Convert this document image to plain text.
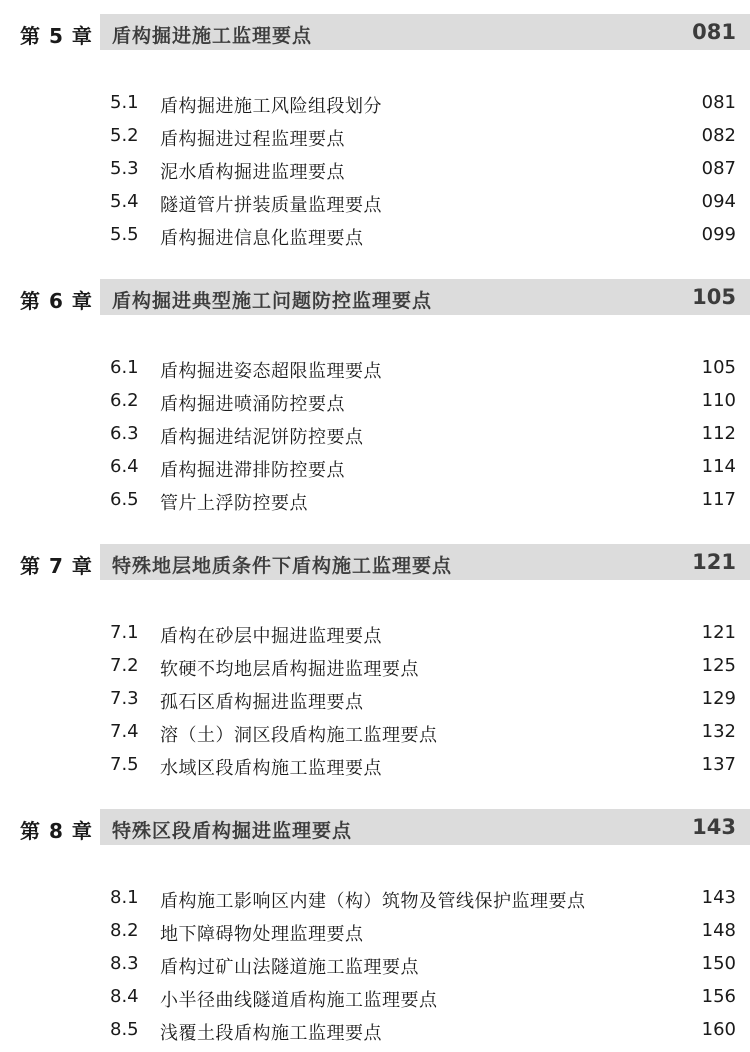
第 5 章 盾构掘进施工监理要点	081
5.1 盾构掘进施工风险组段划分	081
5.2 盾构掘进过程监理要点	082
5.3 泥水盾构掘进监理要点	087
5.4 隧道管片拼装质量监理要点	094
5.5 盾构掘进信息化监理要点	099
第 6 章 盾构掘进典型施工问题防控监理要点	105
6.1 盾构掘进姿态超限监理要点	105
6.2 盾构掘进喷涌防控要点	110
6.3 盾构掘进结泥饼防控要点	112
6.4 盾构掘进滞排防控要点	114
6.5 管片上浮防控要点	117
第 7 章 特殊地层地质条件下盾构施工监理要点	121
7.1 盾构在砂层中掘进监理要点	121
7.2 软硬不均地层盾构掘进监理要点	125
7.3 孤石区盾构掘进监理要点	129
7.4 溶（土）洞区段盾构施工监理要点	132
7.5 水域区段盾构施工监理要点	137
第 8 章 特殊区段盾构掘进监理要点	143
8.1 盾构施工影响区内建（构）筑物及管线保护监理要点	143
8.2 地下障碍物处理监理要点	148
8.3 盾构过矿山法隧道施工监理要点	150
8.4 小半径曲线隧道盾构施工监理要点	156
8.5 浅覆土段盾构施工监理要点	160
